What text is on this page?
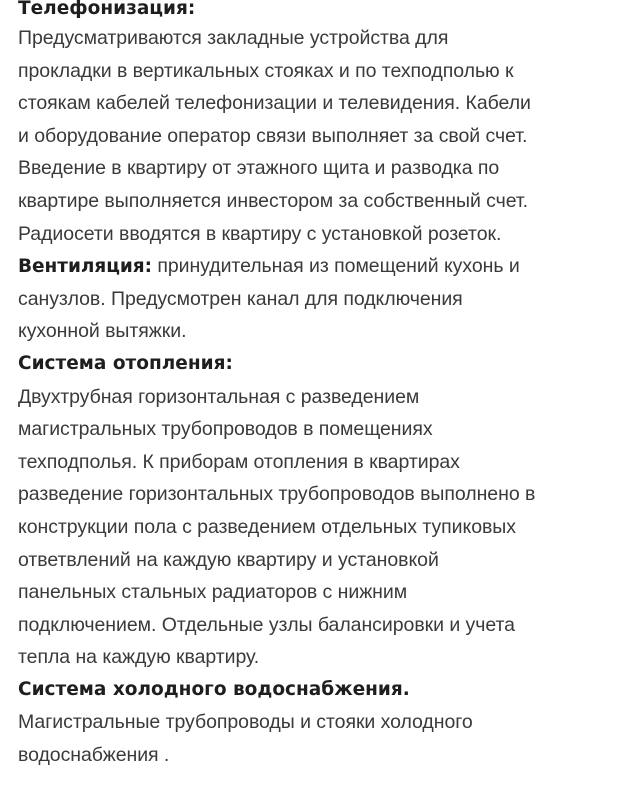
Телефонизация:
Предусматриваются закладные устройства для
прокладки в вертикальных стояках и по техподполью к
стоякам кабелей телефонизации и телевидения. Кабели
и оборудование оператор связи выполняет за свой счет.
Введение в квартиру от этажного щита и разводка по
квартире выполняется инвестором за собственный счет.
Радиосети вводятся в квартиру с установкой розеток.
Вентиляция: принудительная из помещений кухонь и
санузлов. Предусмотрен канал для подключения
кухонной вытяжки.
Система отопления:
Двухтрубная горизонтальная с разведением
магистральных трубопроводов в помещениях
техподполья. К приборам отопления в квартирах
разведение горизонтальных трубопроводов выполнено в
конструкции пола с разведением отдельных тупиковых
ответвлений на каждую квартиру и установкой
панельных стальных радиаторов с нижним
подключением. Отдельные узлы балансировки и учета
тепла на каждую квартиру.
Система холодного водоснабжения.
Магистральные трубопроводы и стояки холодного
водоснабжения .
